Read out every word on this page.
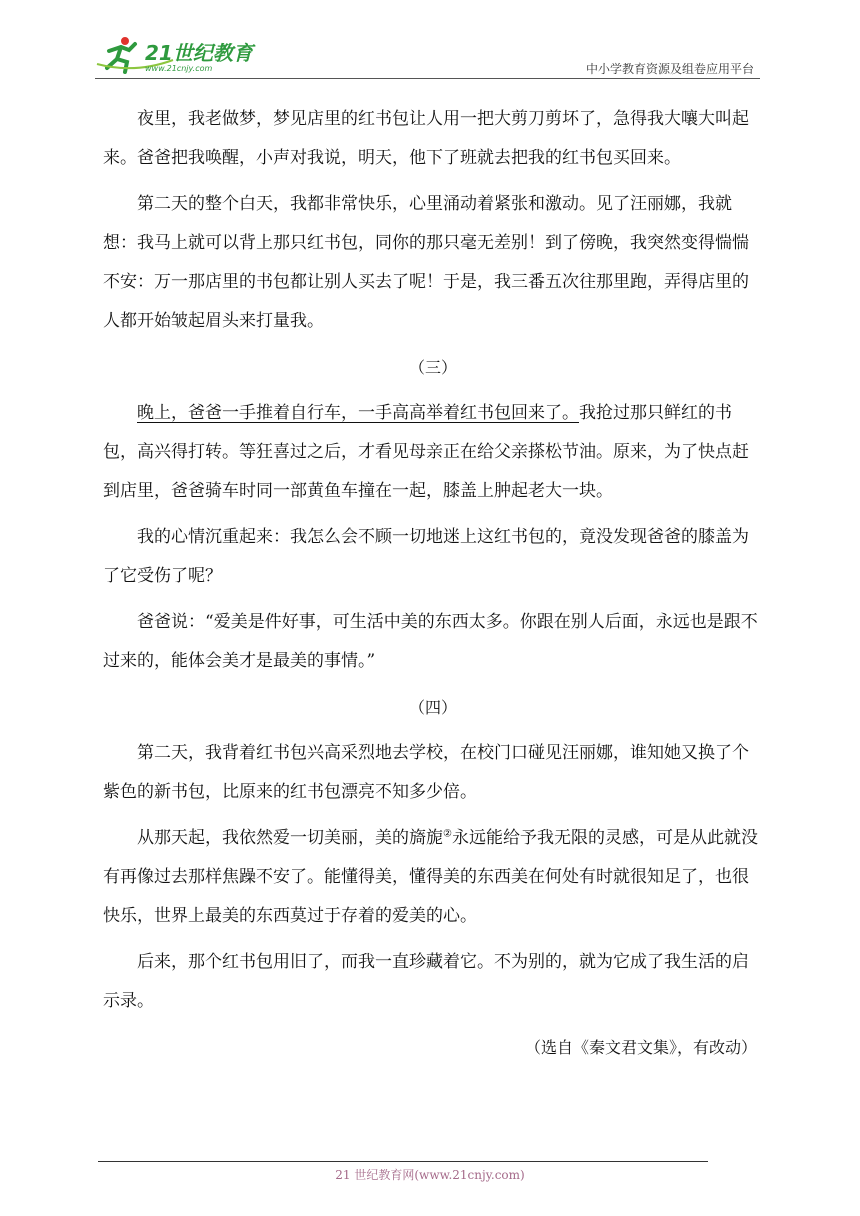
21世纪教育
www.21cnjy.com	中小学教育资源及组卷应用平台

夜里，我老做梦，梦见店里的红书包让人用一把大剪刀剪坏了，急得我大嚷大叫起来。爸爸把我唤醒，小声对我说，明天，他下了班就去把我的红书包买回来。

第二天的整个白天，我都非常快乐，心里涌动着紧张和激动。见了汪丽娜，我就想：我马上就可以背上那只红书包，同你的那只毫无差别！到了傍晚，我突然变得惴惴不安：万一那店里的书包都让别人买去了呢！于是，我三番五次往那里跑，弄得店里的人都开始皱起眉头来打量我。

（三）

晚上，爸爸一手推着自行车，一手高高举着红书包回来了。我抢过那只鲜红的书包，高兴得打转。等狂喜过之后，才看见母亲正在给父亲搽松节油。原来，为了快点赶到店里，爸爸骑车时同一部黄鱼车撞在一起，膝盖上肿起老大一块。

我的心情沉重起来：我怎么会不顾一切地迷上这红书包的，竟没发现爸爸的膝盖为了它受伤了呢？

爸爸说：“爱美是件好事，可生活中美的东西太多。你跟在别人后面，永远也是跟不过来的，能体会美才是最美的事情。”

（四）

第二天，我背着红书包兴高采烈地去学校，在校门口碰见汪丽娜，谁知她又换了个紫色的新书包，比原来的红书包漂亮不知多少倍。

从那天起，我依然爱一切美丽，美的旖旎②永远能给予我无限的灵感，可是从此就没有再像过去那样焦躁不安了。能懂得美，懂得美的东西美在何处有时就很知足了，也很快乐，世界上最美的东西莫过于存着的爱美的心。

后来，那个红书包用旧了，而我一直珍藏着它。不为别的，就为它成了我生活的启示录。

（选自《秦文君文集》，有改动）
21 世纪教育网(www.21cnjy.com)
